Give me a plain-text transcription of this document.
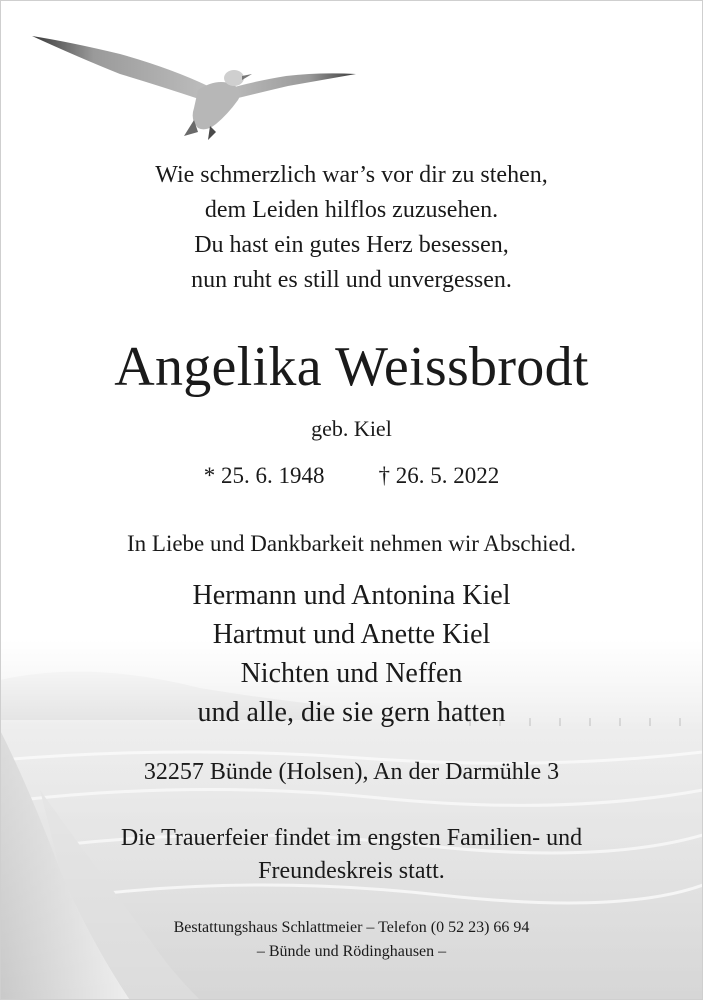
Wie schmerzlich war’s vor dir zu stehen,
dem Leiden hilflos zuzusehen.
Du hast ein gutes Herz besessen,
nun ruht es still und unvergessen.
Angelika Weissbrodt
geb. Kiel
* 25. 6. 1948 † 26. 5. 2022
In Liebe und Dankbarkeit nehmen wir Abschied.
Hermann und Antonina Kiel
Hartmut und Anette Kiel
Nichten und Neffen
und alle, die sie gern hatten
32257 Bünde (Holsen), An der Darmühle 3
Die Trauerfeier findet im engsten Familien- und
Freundeskreis statt.
Bestattungshaus Schlattmeier – Telefon (0 52 23) 66 94
– Bünde und Rödinghausen –
